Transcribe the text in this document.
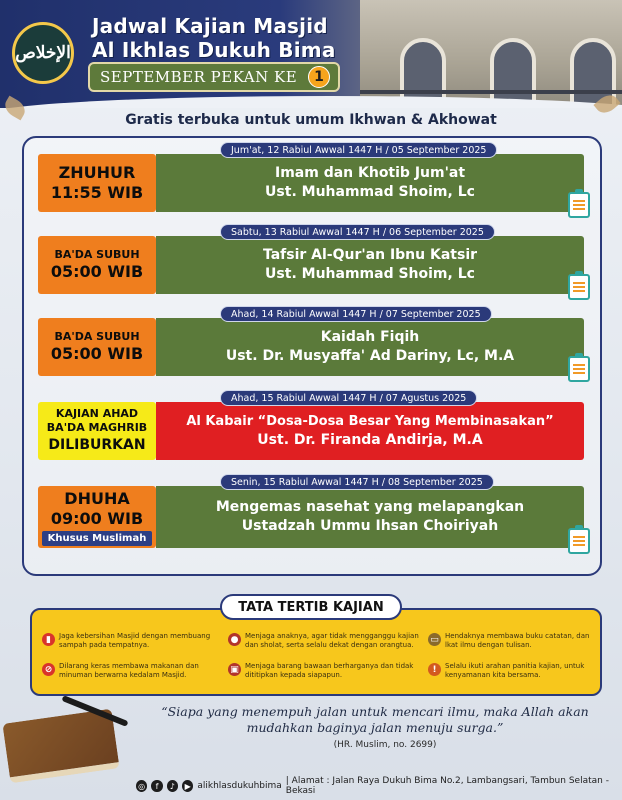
الإخلاص
Jadwal Kajian Masjid
Al Ikhlas Dukuh Bima
SEPTEMBER PEKAN KE	1
Gratis terbuka untuk umum Ikhwan & Akhowat
ZHUHUR
11:55 WIB
Imam dan Khotib Jum'at
Ust. Muhammad Shoim, Lc
Jum'at, 12 Rabiul Awwal 1447 H / 05 September 2025
BA'DA SUBUH
05:00 WIB
Tafsir Al-Qur'an Ibnu Katsir
Ust. Muhammad Shoim, Lc
Sabtu, 13 Rabiul Awwal 1447 H / 06 September 2025
BA'DA SUBUH
05:00 WIB
Kaidah Fiqih
Ust. Dr. Musyaffa' Ad Dariny, Lc, M.A
Ahad, 14 Rabiul Awwal 1447 H / 07 September 2025
KAJIAN AHAD
BA'DA MAGHRIB
DILIBURKAN
Al Kabair “Dosa-Dosa Besar Yang Membinasakan”
Ust. Dr. Firanda Andirja, M.A
Ahad, 15 Rabiul Awwal 1447 H / 07 Agustus 2025
DHUHA
09:00 WIB
Khusus Muslimah
Mengemas nasehat yang melapangkan
Ustadzah Ummu Ihsan Choiriyah
Senin, 15 Rabiul Awwal 1447 H / 08 September 2025
TATA TERTIB KAJIAN
▮	Jaga kebersihan Masjid dengan membuang sampah pada tempatnya.
● Menjaga anaknya, agar tidak mengganggu kajian dan sholat, serta selalu dekat dengan orangtua.
▭ Hendaknya membawa buku catatan, dan lkat ilmu dengan tulisan.
⊘ Dilarang keras membawa makanan dan minuman berwarna kedalam Masjid.
▣ Menjaga barang bawaan berharganya dan tidak dititipkan kepada siapapun.
!	Selalu ikuti arahan panitia kajian, untuk kenyamanan kita bersama.
“Siapa yang menempuh jalan untuk mencari ilmu, maka Allah akan mudahkan baginya jalan menuju surga.”
(HR. Muslim, no. 2699)
◎	f	♪	▶ alikhlasdukuhbima | Alamat : Jalan Raya Dukuh Bima No.2, Lambangsari, Tambun Selatan - Bekasi
